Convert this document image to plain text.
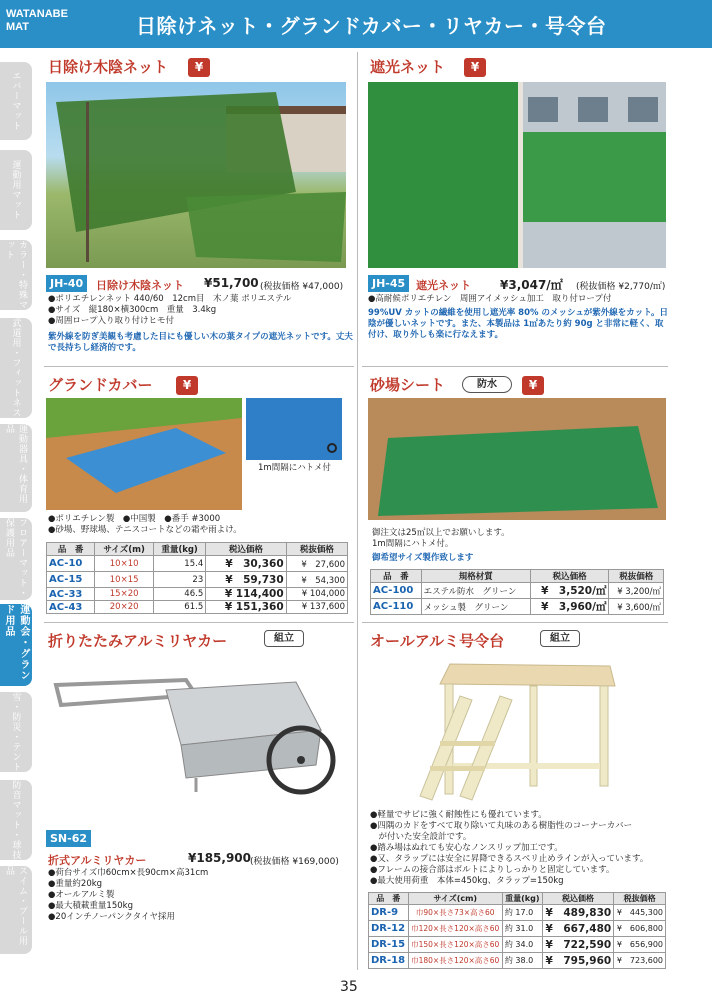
WATANABE
MAT	日除けネット・グランドカバー・リヤカー・号令台
エバーマット
運動用マット
カラー・特殊マット
武道用・フィットネス
運動器具・体育用品
フロアーマット・保護用品
運動会・グランド用品
雪・防災・テント
防音マット・球技
スイム・プール用品
日除け木陰ネット	¥
JH-40	日除け木陰ネット ¥51,700 (税抜価格 ¥47,000)
●ポリエチレンネット 440/60　12cm目　木ノ葉 ポリエステル
●サイズ　縦180×横300cm　重量　3.4kg
●周囲ロープ入り取り付けヒモ付
紫外線を防ぎ美観も考慮した目にも優しい木の葉タイプの遮光ネットです。丈夫で長持ちし経済的です。
遮光ネット	¥
JH-45 遮光ネット ¥3,047/㎡ (税抜価格 ¥2,770/㎡)
●高耐候ポリエチレン　周囲アイメッシュ加工　取り付ロープ付
99%UV カットの繊維を使用し遮光率 80% のメッシュが紫外線をカット。日陰が優しいネットです。また、本製品は 1㎡あたり約 90g と非常に軽く、取付け、取り外しも楽に行なえます。
グランドカバー	¥
1m間隔にハトメ付
●ポリエチレン製　●中国製　●番手 #3000
●砂場、野球場、テニスコートなどの霜や雨よけ。
品　番	サイズ(m)	重量(kg)	税込価格	税抜価格
AC-10	10×10	15.4	¥　30,360	¥　27,600
AC-15	10×15	23	¥　59,730	¥　54,300
AC-33	15×20	46.5	¥ 114,400	¥ 104,000
AC-43	20×20	61.5	¥ 151,360	¥ 137,600
砂場シート	防水	¥
御注文は25㎡以上でお願いします。
1m間隔にハトメ付。
御希望サイズ製作致します
品　番	規格材質	税込価格	税抜価格
AC-100	エステル防水　グリーン	¥　3,520/㎡	¥ 3,200/㎡
AC-110	メッシュ製　グリーン	¥　3,960/㎡	¥ 3,600/㎡
折りたたみアルミリヤカー	組立
SN-62
折式アルミリヤカー	¥185,900
(税抜価格 ¥169,000)
●荷台サイズ巾60cm×長90cm×高31cm
●重量約20kg
●オールアルミ製
●最大積載重量150kg
●20インチノーパンクタイヤ採用
オールアルミ号令台	組立
●軽量でサビに強く耐蝕性にも優れています。
●四隅のカドをすべて取り除いて丸味のある樹脂性のコーナーカバー
　が付いた安全設計です。
●踏み場はぬれても安心なノンスリップ加工です。
●又、タラップには安全に昇降できるスベリ止めラインが入っています。
●フレームの接合部はボルトによりしっかりと固定しています。
●最大使用荷重　本体=450kg、タラップ=150kg
品　番	サイズ(cm)	重量(kg)	税込価格	税抜価格
DR-9	巾90×長さ73×高さ60	約 17.0	¥　489,830	¥　445,300
DR-12	巾120×長さ120×高さ60	約 31.0	¥　667,480	¥　606,800
DR-15	巾150×長さ120×高さ60	約 34.0	¥　722,590	¥　656,900
DR-18	巾180×長さ120×高さ60	約 38.0	¥　795,960	¥　723,600
35
